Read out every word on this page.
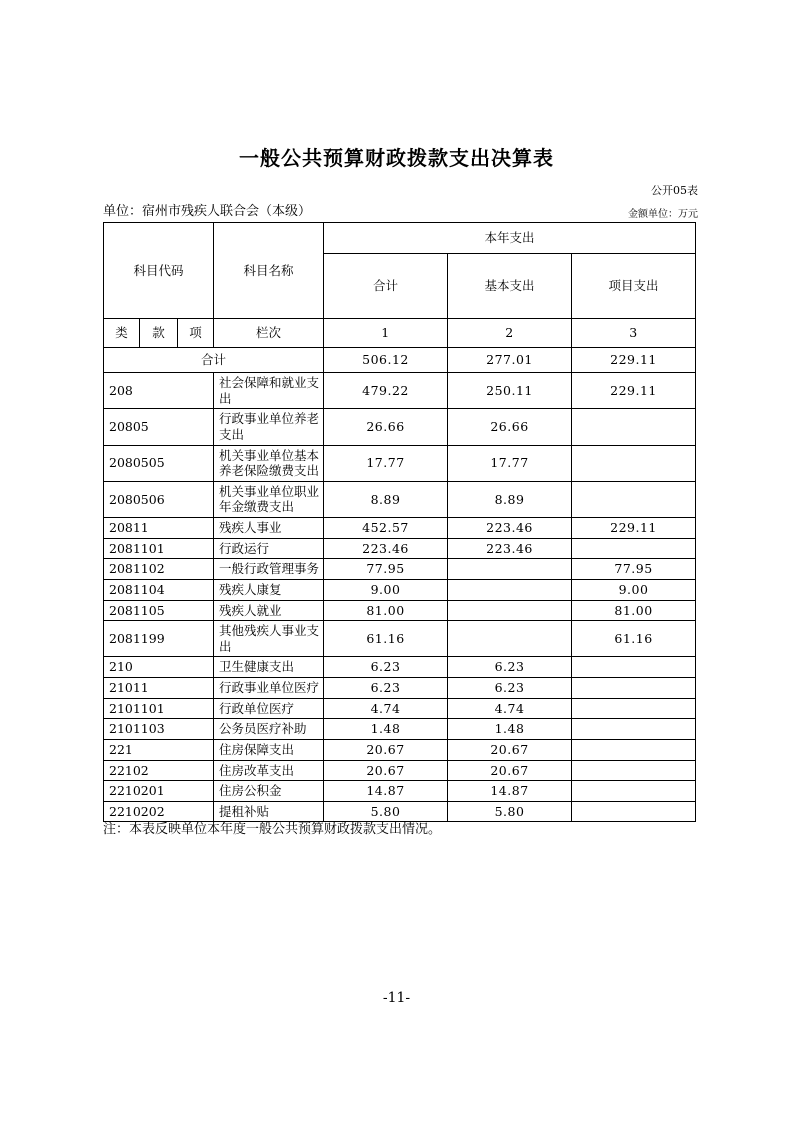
一般公共预算财政拨款支出决算表
公开05表
单位：宿州市残疾人联合会（本级）	金额单位：万元
科目代码			科目名称	本年支出		
				合计	基本支出	项目支出
类	款	项	栏次	1	2	3
合计				506.12	277.01	229.11
208			社会保障和就业支出	479.22	250.11	229.11
20805			行政事业单位养老支出	26.66	26.66	
2080505			机关事业单位基本养老保险缴费支出	17.77	17.77	
2080506			机关事业单位职业年金缴费支出	8.89	8.89	
20811			残疾人事业	452.57	223.46	229.11
2081101			行政运行	223.46	223.46	
2081102			一般行政管理事务	77.95		77.95
2081104			残疾人康复	9.00		9.00
2081105			残疾人就业	81.00		81.00
2081199			其他残疾人事业支出	61.16		61.16
210			卫生健康支出	6.23	6.23	
21011			行政事业单位医疗	6.23	6.23	
2101101			行政单位医疗	4.74	4.74	
2101103			公务员医疗补助	1.48	1.48	
221			住房保障支出	20.67	20.67	
22102			住房改革支出	20.67	20.67	
2210201			住房公积金	14.87	14.87	
2210202			提租补贴	5.80	5.80	
注：本表反映单位本年度一般公共预算财政拨款支出情况。
-11-
